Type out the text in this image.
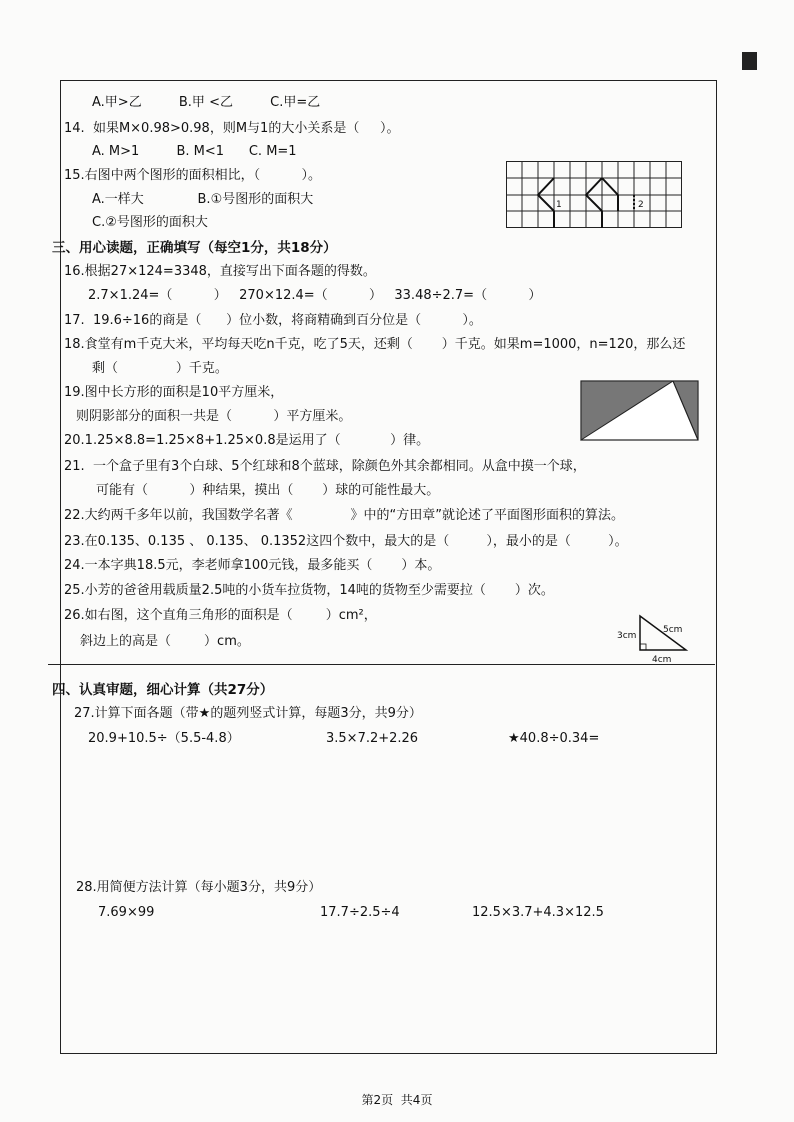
A.甲>乙         B.甲 <乙         C.甲=乙
14.  如果M×0.98>0.98，则M与1的大小关系是（     ）。
A. M>1         B. M<1      C. M=1
15.右图中两个图形的面积相比，（          ）。
A.一样大             B.①号图形的面积大
C.②号图形的面积大
1	2
三、用心读题，正确填写（每空1分，共18分）
16.根据27×124=3348，直接写出下面各题的得数。
2.7×1.24=（          ）   270×12.4=（          ）   33.48÷2.7=（          ）
17.  19.6÷16的商是（      ）位小数，将商精确到百分位是（          ）。
18.食堂有m千克大米，平均每天吃n千克，吃了5天，还剩（       ）千克。如果m=1000，n=120，那么还
剩（              ）千克。
19.图中长方形的面积是10平方厘米，
则阴影部分的面积一共是（          ）平方厘米。
20.1.25×8.8=1.25×8+1.25×0.8是运用了（            ）律。
21.  一个盒子里有3个白球、5个红球和8个蓝球，除颜色外其余都相同。从盒中摸一个球，
可能有（          ）种结果，摸出（       ）球的可能性最大。
22.大约两千多年以前，我国数学名著《              》中的“方田章”就论述了平面图形面积的算法。
23.在0.135、0.135 、 0.135、 0.1352这四个数中，最大的是（         ），最小的是（         ）。
24.一本字典18.5元，李老师拿100元钱，最多能买（       ）本。
25.小芳的爸爸用载质量2.5吨的小货车拉货物，14吨的货物至少需要拉（       ）次。
26.如右图，这个直角三角形的面积是（        ）cm²，
斜边上的高是（        ）cm。
5cm
3cm
4cm
四、认真审题，细心计算（共27分）
27.计算下面各题（带★的题列竖式计算，每题3分，共9分）
20.9+10.5÷（5.5-4.8）	3.5×7.2+2.26	★40.8÷0.34=
28.用简便方法计算（每小题3分，共9分）
7.69×99	17.7÷2.5÷4	12.5×3.7+4.3×12.5
第2页  共4页
